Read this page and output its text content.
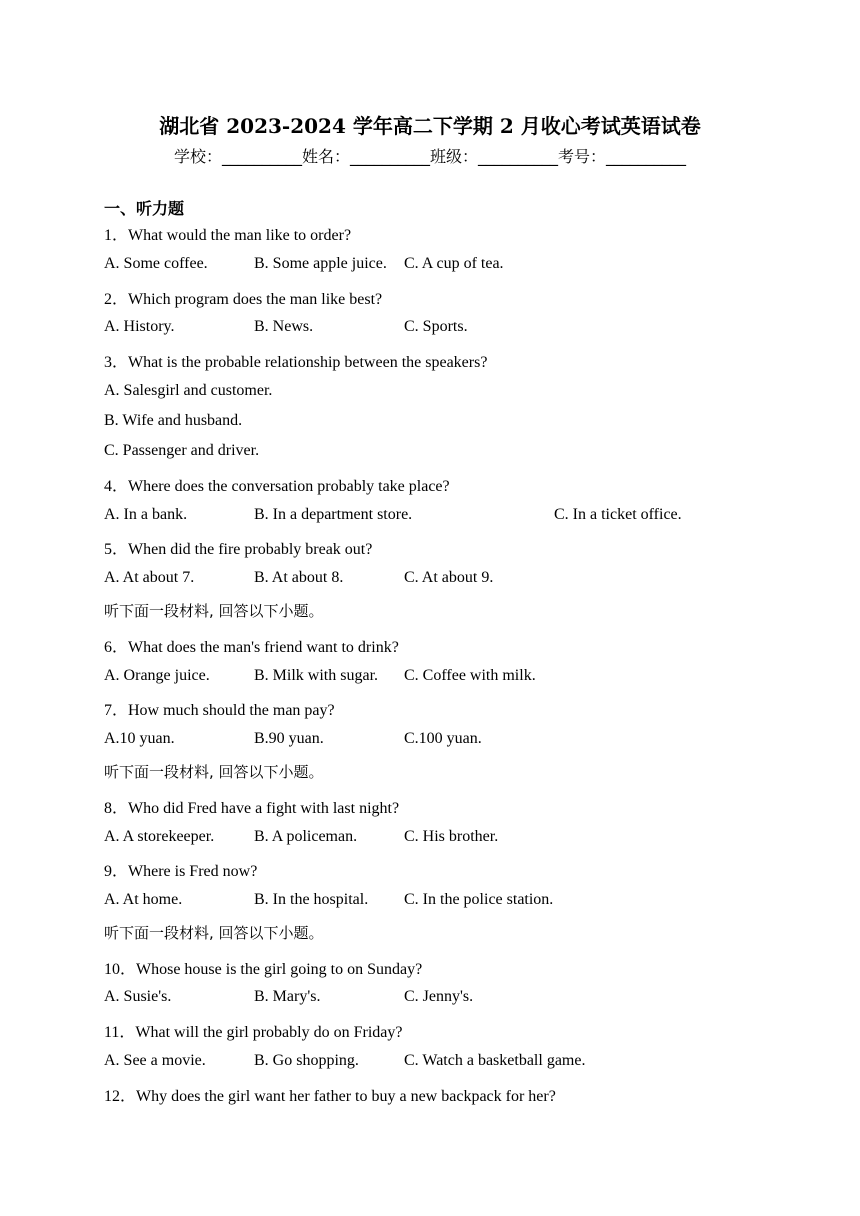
湖北省 2023-2024 学年高二下学期 2 月收心考试英语试卷
学校：__________姓名：__________班级：__________考号：__________
一、听力题
1．What would the man like to order?
A. Some coffee.	B. Some apple juice. C. A cup of tea.
2．Which program does the man like best?
A. History.	B. News.	C. Sports.
3．What is the probable relationship between the speakers?
A. Salesgirl and customer.
B. Wife and husband.
C. Passenger and driver.
4．Where does the conversation probably take place?
A. In a bank.	B. In a department store.	C. In a ticket office.
5．When did the fire probably break out?
A. At about 7.	B. At about 8.	C. At about 9.
听下面一段材料, 回答以下小题。
6．What does the man's friend want to drink?
A. Orange juice.	B. Milk with sugar. C. Coffee with milk.
7．How much should the man pay?
A.10 yuan.	B.90 yuan.	C.100 yuan.
听下面一段材料, 回答以下小题。
8．Who did Fred have a fight with last night?
A. A storekeeper. B. A policeman.	C. His brother.
9．Where is Fred now?
A. At home.	B. In the hospital. C. In the police station.
听下面一段材料, 回答以下小题。
10．Whose house is the girl going to on Sunday?
A. Susie's.	B. Mary's.	C. Jenny's.
11．What will the girl probably do on Friday?
A. See a movie.	B. Go shopping.	C. Watch a basketball game.
12．Why does the girl want her father to buy a new backpack for her?
